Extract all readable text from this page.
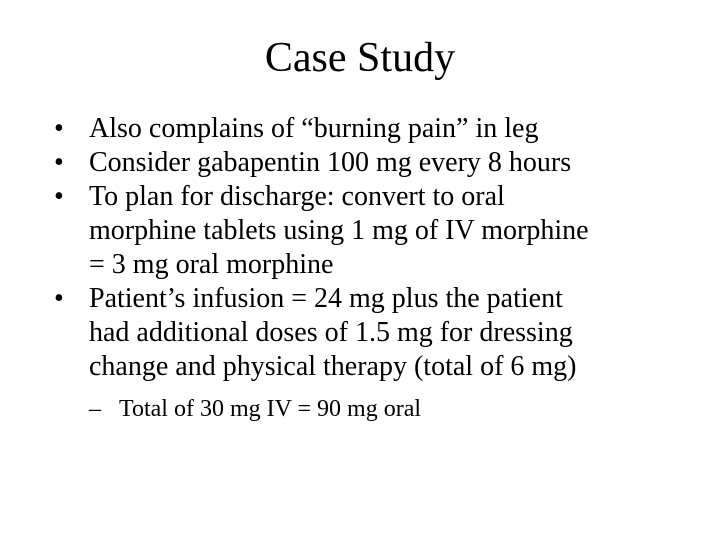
Case Study
• Also complains of “burning pain” in leg
• Consider gabapentin 100 mg every 8 hours
• To plan for discharge: convert to oral
morphine tablets using 1 mg of IV morphine
= 3 mg oral morphine
• Patient’s infusion = 24 mg plus the patient
had additional doses of 1.5 mg for dressing
change and physical therapy (total of 6 mg)
– Total of 30 mg IV = 90 mg oral
